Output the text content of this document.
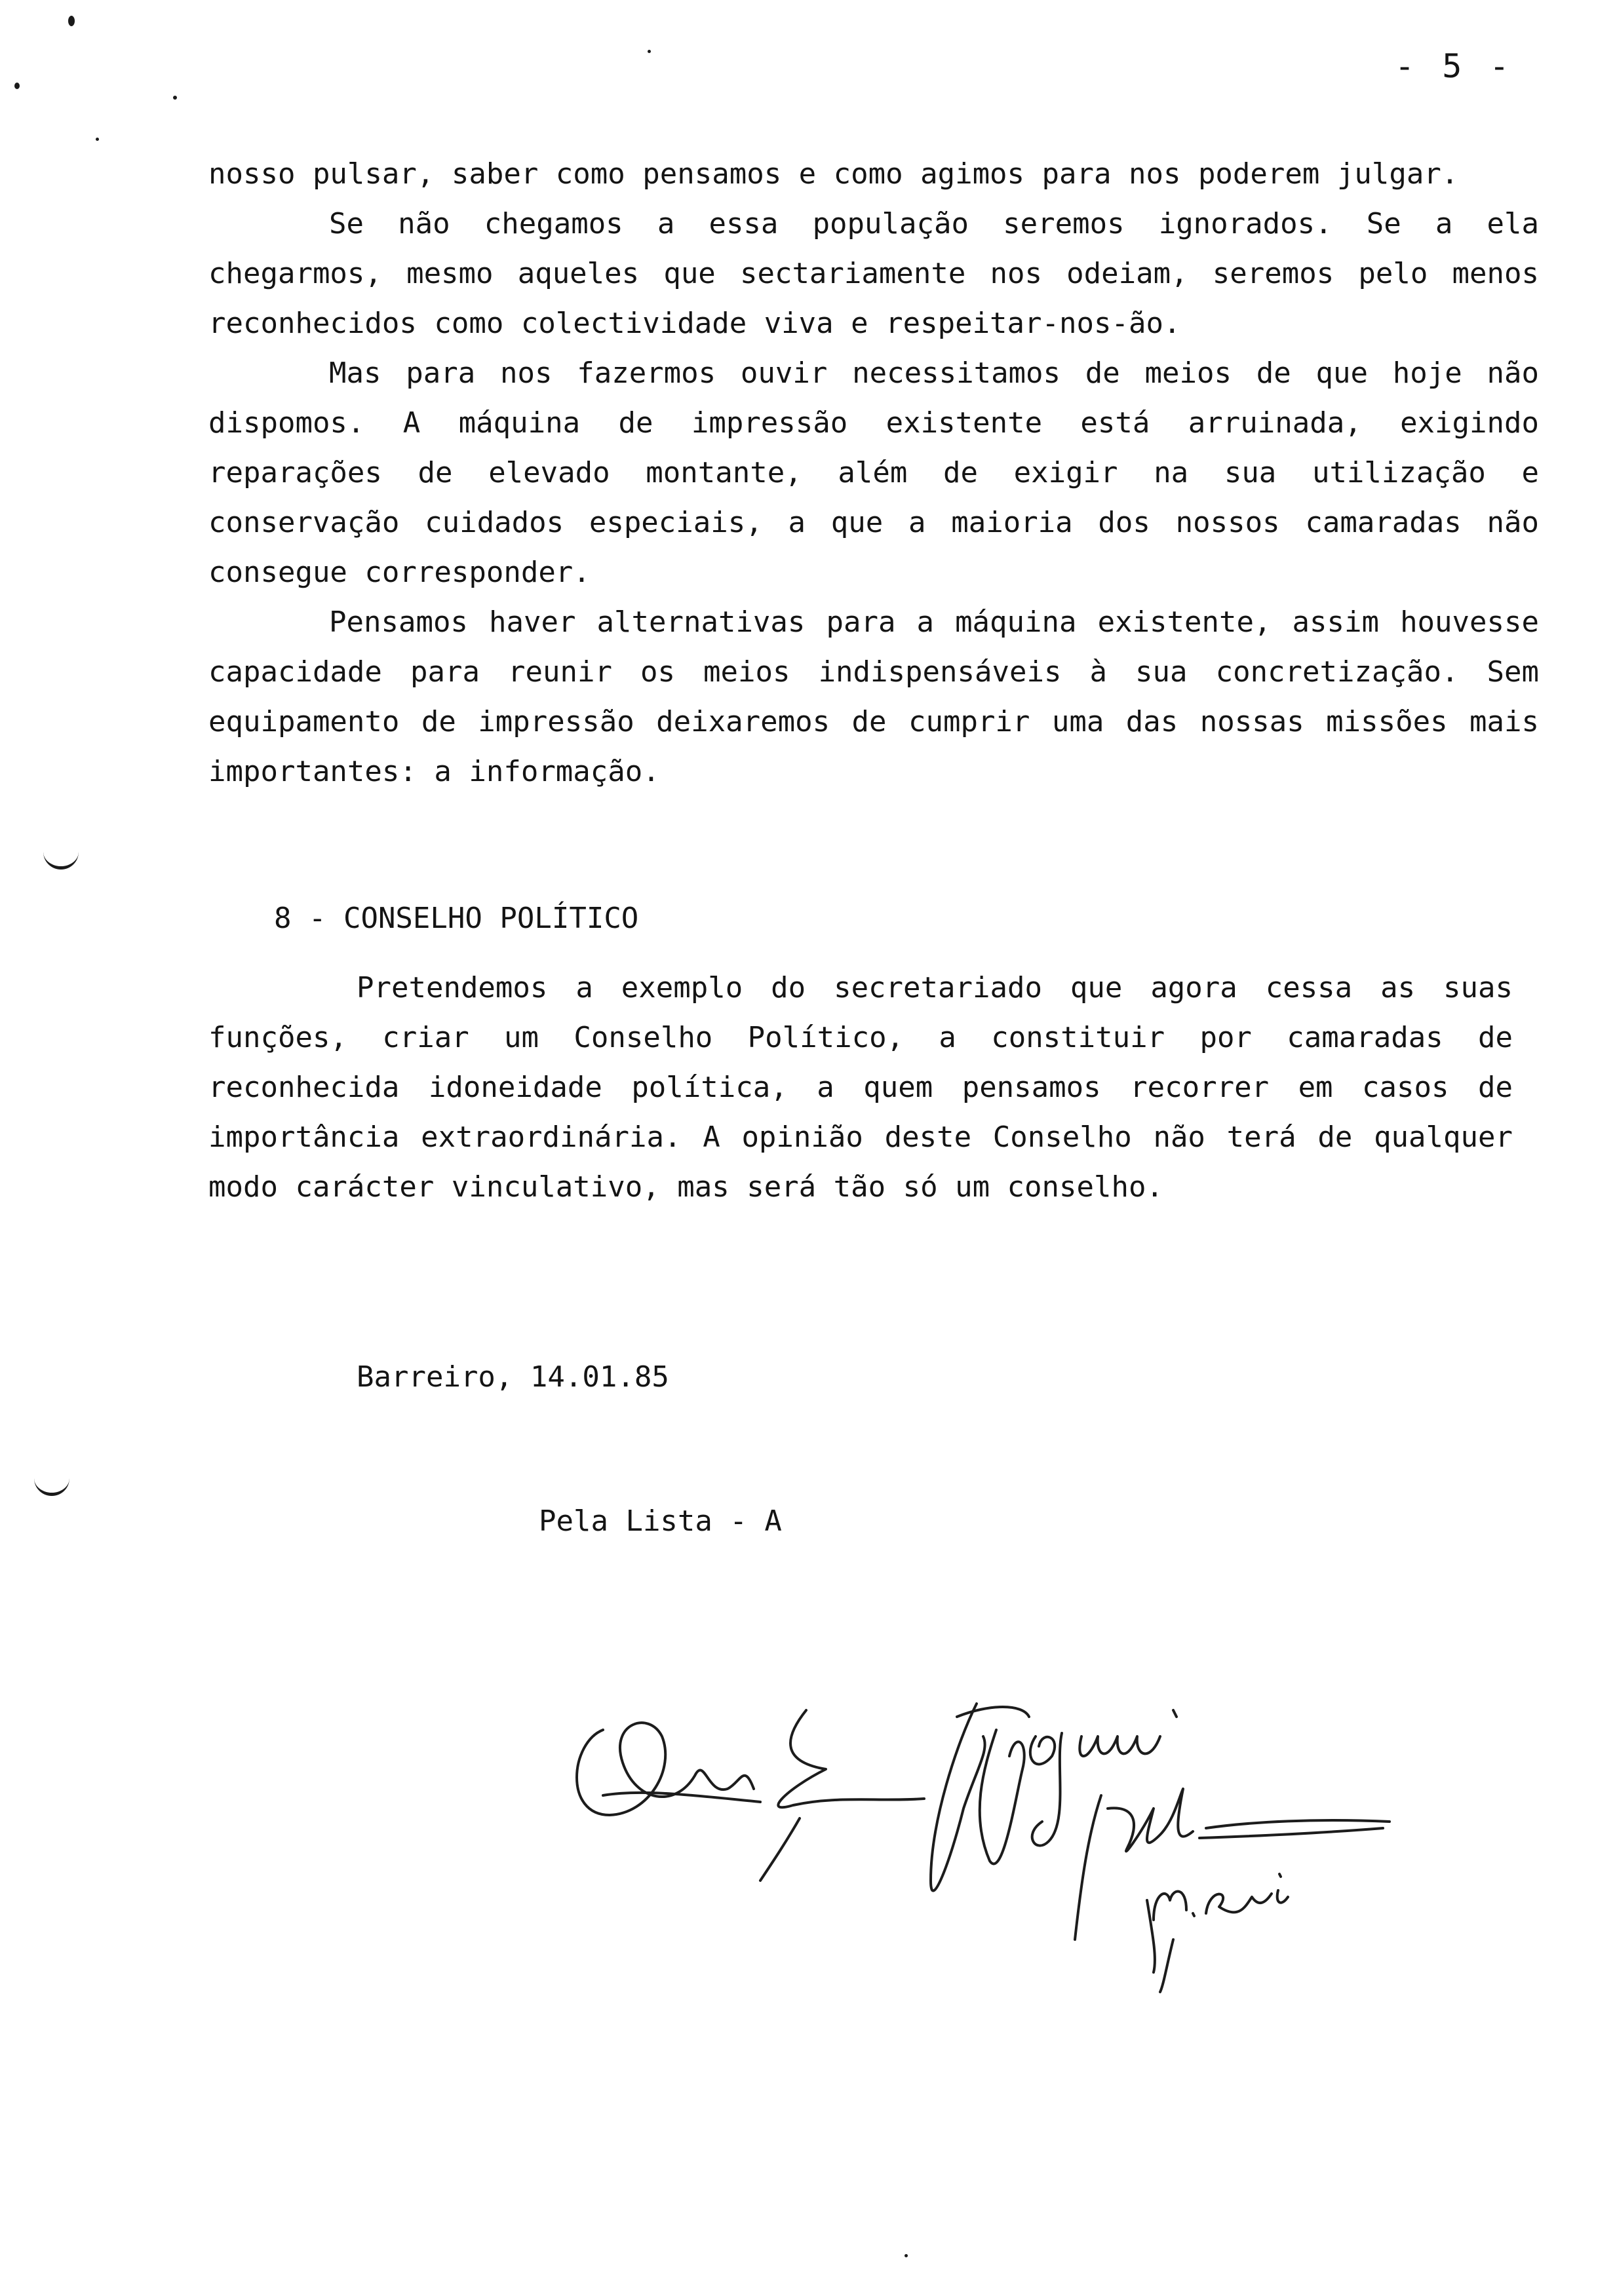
- 5 -

nosso pulsar, saber como pensamos e como agimos para nos poderem julgar.

Se não chegamos a essa população seremos ignorados. Se a ela chegarmos, mesmo aqueles que sectariamente nos odeiam, seremos pelo menos reconhecidos como colectividade viva e respeitar-nos-ão.

Mas para nos fazermos ouvir necessitamos de meios de que hoje não dispomos. A máquina de impressão existente está arruinada, exigindo reparações de elevado montante, além de exigir na sua utilização e conservação cuidados especiais, a que a maioria dos nossos camaradas não consegue corresponder.

Pensamos haver alternativas para a máquina existente, assim houvesse capacidade para reunir os meios indispensáveis à sua concretização. Sem equipamento de impressão deixaremos de cumprir uma das nossas missões mais importantes: a informação.

8 - CONSELHO POLÍTICO

Pretendemos a exemplo do secretariado que agora cessa as suas funções, criar um Conselho Político, a constituir por camaradas de reconhecida idoneidade política, a quem pensamos recorrer em casos de importância extraordinária. A opinião deste Conselho não terá de qualquer modo carácter vinculativo, mas será tão só um conselho.

Barreiro, 14.01.85
Pela Lista - A
